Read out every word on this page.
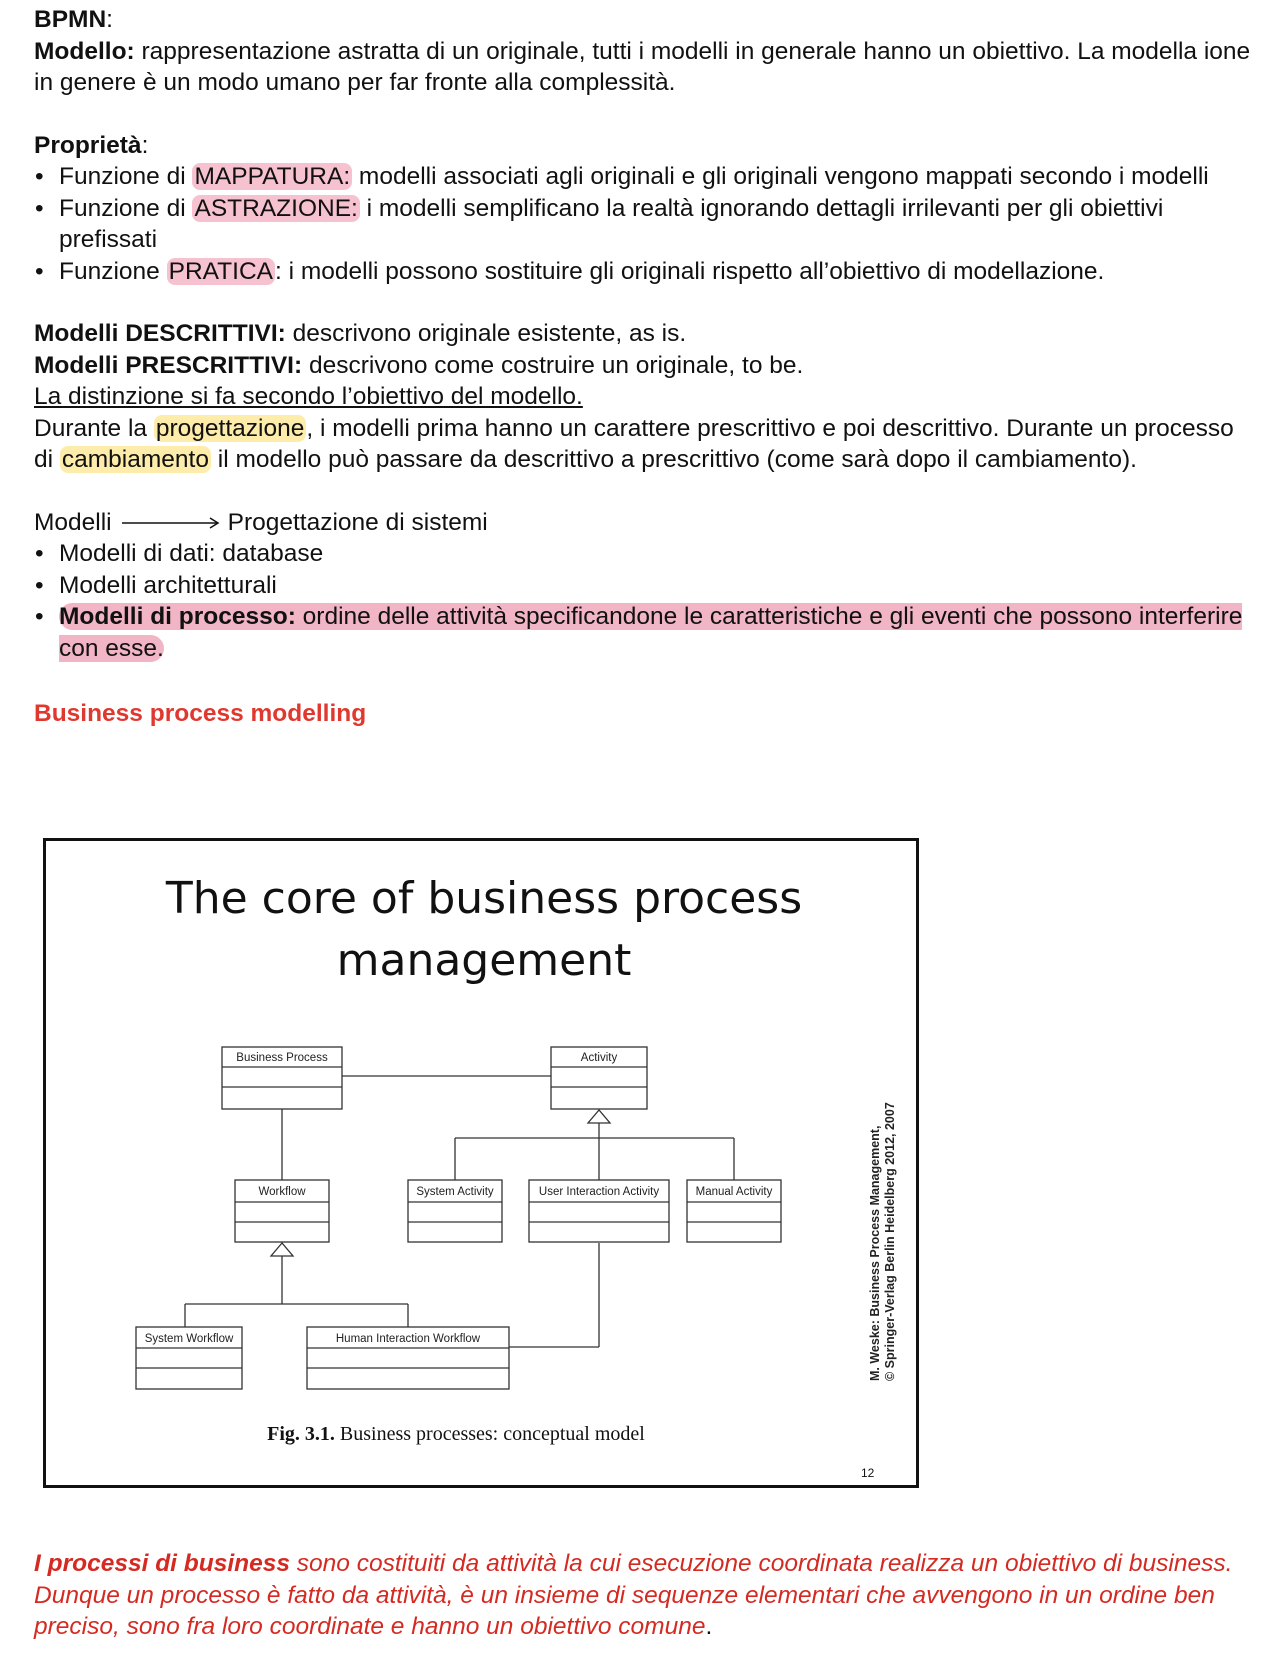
BPMN:

Modello: rappresentazione astratta di un originale, tutti i modelli in generale hanno un obiettivo. La modella ione in genere è un modo umano per far fronte alla complessità.

Proprietà:

• Funzione di MAPPATURA: modelli associati agli originali e gli originali vengono mappati secondo i modelli
• Funzione di ASTRAZIONE: i modelli semplificano la realtà ignorando dettagli irrilevanti per gli obiettivi prefissati
• Funzione PRATICA: i modelli possono sostituire gli originali rispetto all’obiettivo di modellazione.

Modelli DESCRITTIVI: descrivono originale esistente, as is.

Modelli PRESCRITTIVI: descrivono come costruire un originale, to be.

La distinzione si fa secondo l’obiettivo del modello.

Durante la progettazione, i modelli prima hanno un carattere prescrittivo e poi descrittivo. Durante un processo di cambiamento il modello può passare da descrittivo a prescrittivo (come sarà dopo il cambiamento).

Modelli	Progettazione di sistemi

• Modelli di dati: database
• Modelli architetturali
• Modelli di processo: ordine delle attività specificandone le caratteristiche e gli eventi che possono interferire con esse.

Business process modelling

The core of business process
management
Business Process	Activity
Workflow	System Activity	User Interaction Activity	Manual Activity
System Workflow	Human Interaction Workflow	M. Weske: Business Process Management, © Springer-Verlag Berlin Heidelberg 2012, 2007
Fig. 3.1. Business processes: conceptual model
12

I processi di business sono costituiti da attività la cui esecuzione coordinata realizza un obiettivo di business. Dunque un processo è fatto da attività, è un insieme di sequenze elementari che avvengono in un ordine ben preciso, sono fra loro coordinate e hanno un obiettivo comune.
